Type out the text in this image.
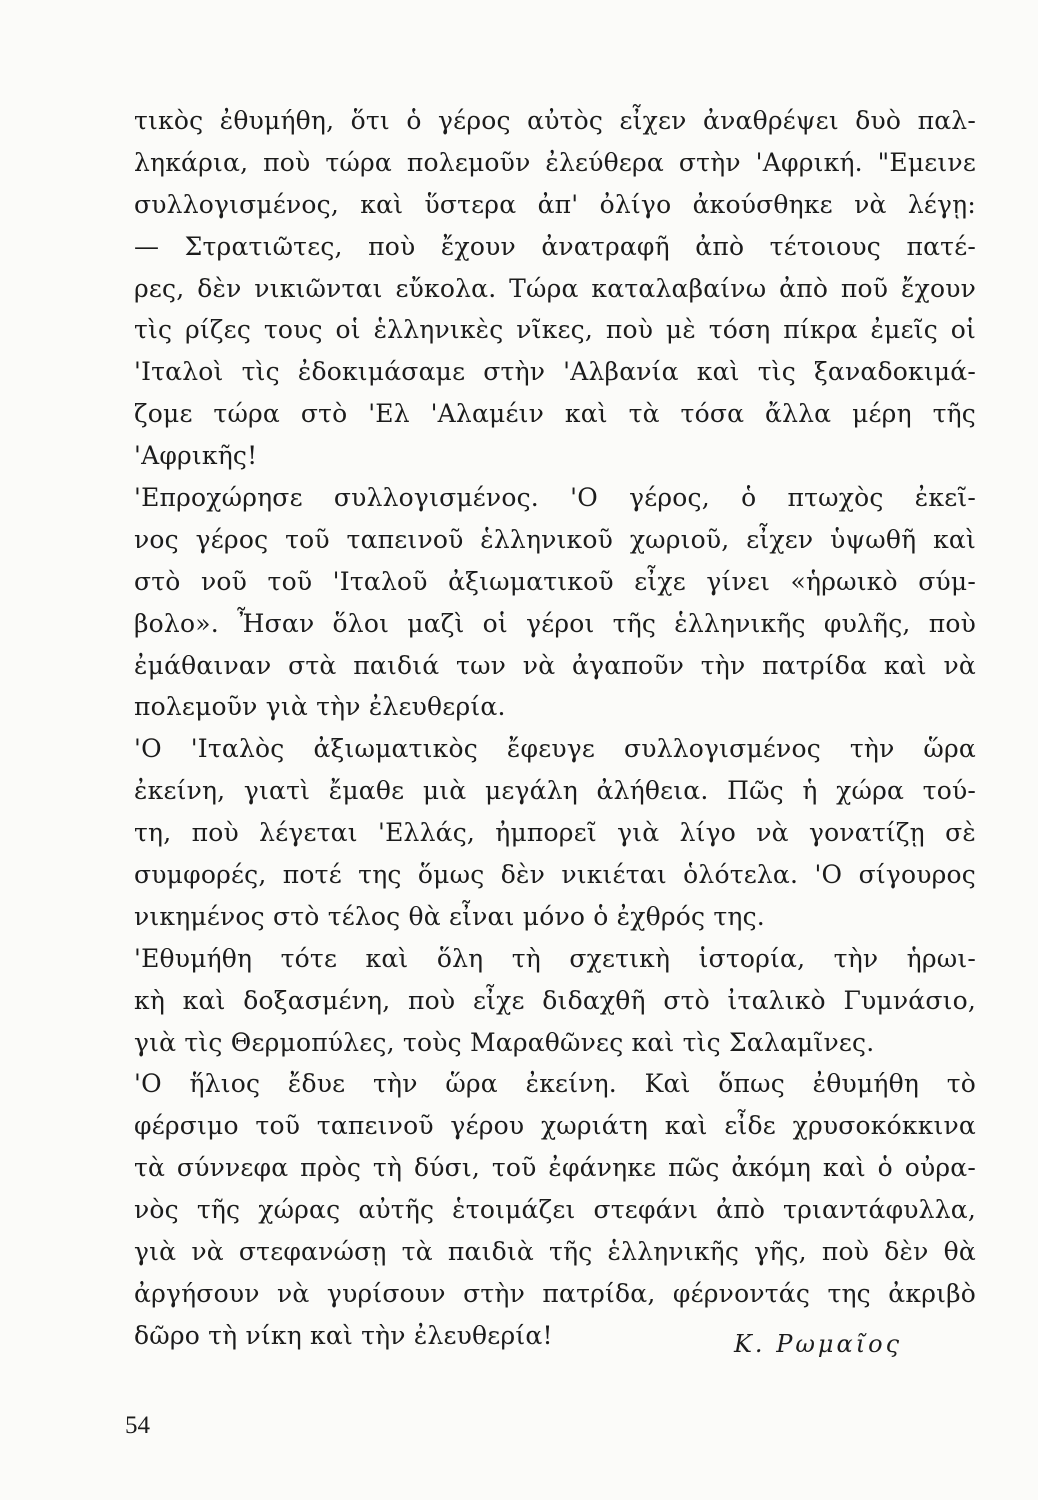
τικὸς ἐθυμήθη, ὅτι ὁ γέρος αὐτὸς εἶχεν ἀναθρέψει δυὸ παλ-
ληκάρια, ποὺ τώρα πολεμοῦν ἐλεύθερα στὴν 'Αφρική. "Εμεινε
συλλογισμένος, καὶ ὕστερα ἀπ' ὀλίγο ἀκούσθηκε νὰ λέγῃ:
— Στρατιῶτες, ποὺ ἔχουν ἀνατραφῆ ἀπὸ τέτοιους πατέ-
ρες, δὲν νικιῶνται εὔκολα. Τώρα καταλαβαίνω ἀπὸ ποῦ ἔχουν
τὶς ρίζες τους οἱ ἑλληνικὲς νῖκες, ποὺ μὲ τόση πίκρα ἐμεῖς οἱ
'Ιταλοὶ τὶς ἐδοκιμάσαμε στὴν 'Αλβανία καὶ τὶς ξαναδοκιμά-
ζομε τώρα στὸ 'Ελ 'Αλαμέιν καὶ τὰ τόσα ἄλλα μέρη τῆς
'Αφρικῆς!
'Επροχώρησε συλλογισμένος. 'Ο γέρος, ὁ πτωχὸς ἐκεῖ-
νος γέρος τοῦ ταπεινοῦ ἑλληνικοῦ χωριοῦ, εἶχεν ὑψωθῆ καὶ
στὸ νοῦ τοῦ 'Ιταλοῦ ἀξιωματικοῦ εἶχε γίνει «ἡρωικὸ σύμ-
βολο». Ἦσαν ὅλοι μαζὶ οἱ γέροι τῆς ἑλληνικῆς φυλῆς, ποὺ
ἐμάθαιναν στὰ παιδιά των νὰ ἀγαποῦν τὴν πατρίδα καὶ νὰ
πολεμοῦν γιὰ τὴν ἐλευθερία.
'Ο 'Ιταλὸς ἀξιωματικὸς ἔφευγε συλλογισμένος τὴν ὥρα
ἐκείνη, γιατὶ ἔμαθε μιὰ μεγάλη ἀλήθεια. Πῶς ἡ χώρα τού-
τη, ποὺ λέγεται 'Ελλάς, ἠμπορεῖ γιὰ λίγο νὰ γονατίζῃ σὲ
συμφορές, ποτέ της ὅμως δὲν νικιέται ὁλότελα. 'Ο σίγουρος
νικημένος στὸ τέλος θὰ εἶναι μόνο ὁ ἐχθρός της.
'Εθυμήθη τότε καὶ ὅλη τὴ σχετικὴ ἱστορία, τὴν ἡρωι-
κὴ καὶ δοξασμένη, ποὺ εἶχε διδαχθῆ στὸ ἰταλικὸ Γυμνάσιο,
γιὰ τὶς Θερμοπύλες, τοὺς Μαραθῶνες καὶ τὶς Σαλαμῖνες.
'Ο ἥλιος ἔδυε τὴν ὥρα ἐκείνη. Καὶ ὅπως ἐθυμήθη τὸ
φέρσιμο τοῦ ταπεινοῦ γέρου χωριάτη καὶ εἶδε χρυσοκόκκινα
τὰ σύννεφα πρὸς τὴ δύσι, τοῦ ἐφάνηκε πῶς ἀκόμη καὶ ὁ οὐρα-
νὸς τῆς χώρας αὐτῆς ἑτοιμάζει στεφάνι ἀπὸ τριαντάφυλλα,
γιὰ νὰ στεφανώσῃ τὰ παιδιὰ τῆς ἑλληνικῆς γῆς, ποὺ δὲν θὰ
ἀργήσουν νὰ γυρίσουν στὴν πατρίδα, φέρνοντάς της ἀκριβὸ
δῶρο τὴ νίκη καὶ τὴν ἐλευθερία!	Κ. Ρωμαῖος
54
